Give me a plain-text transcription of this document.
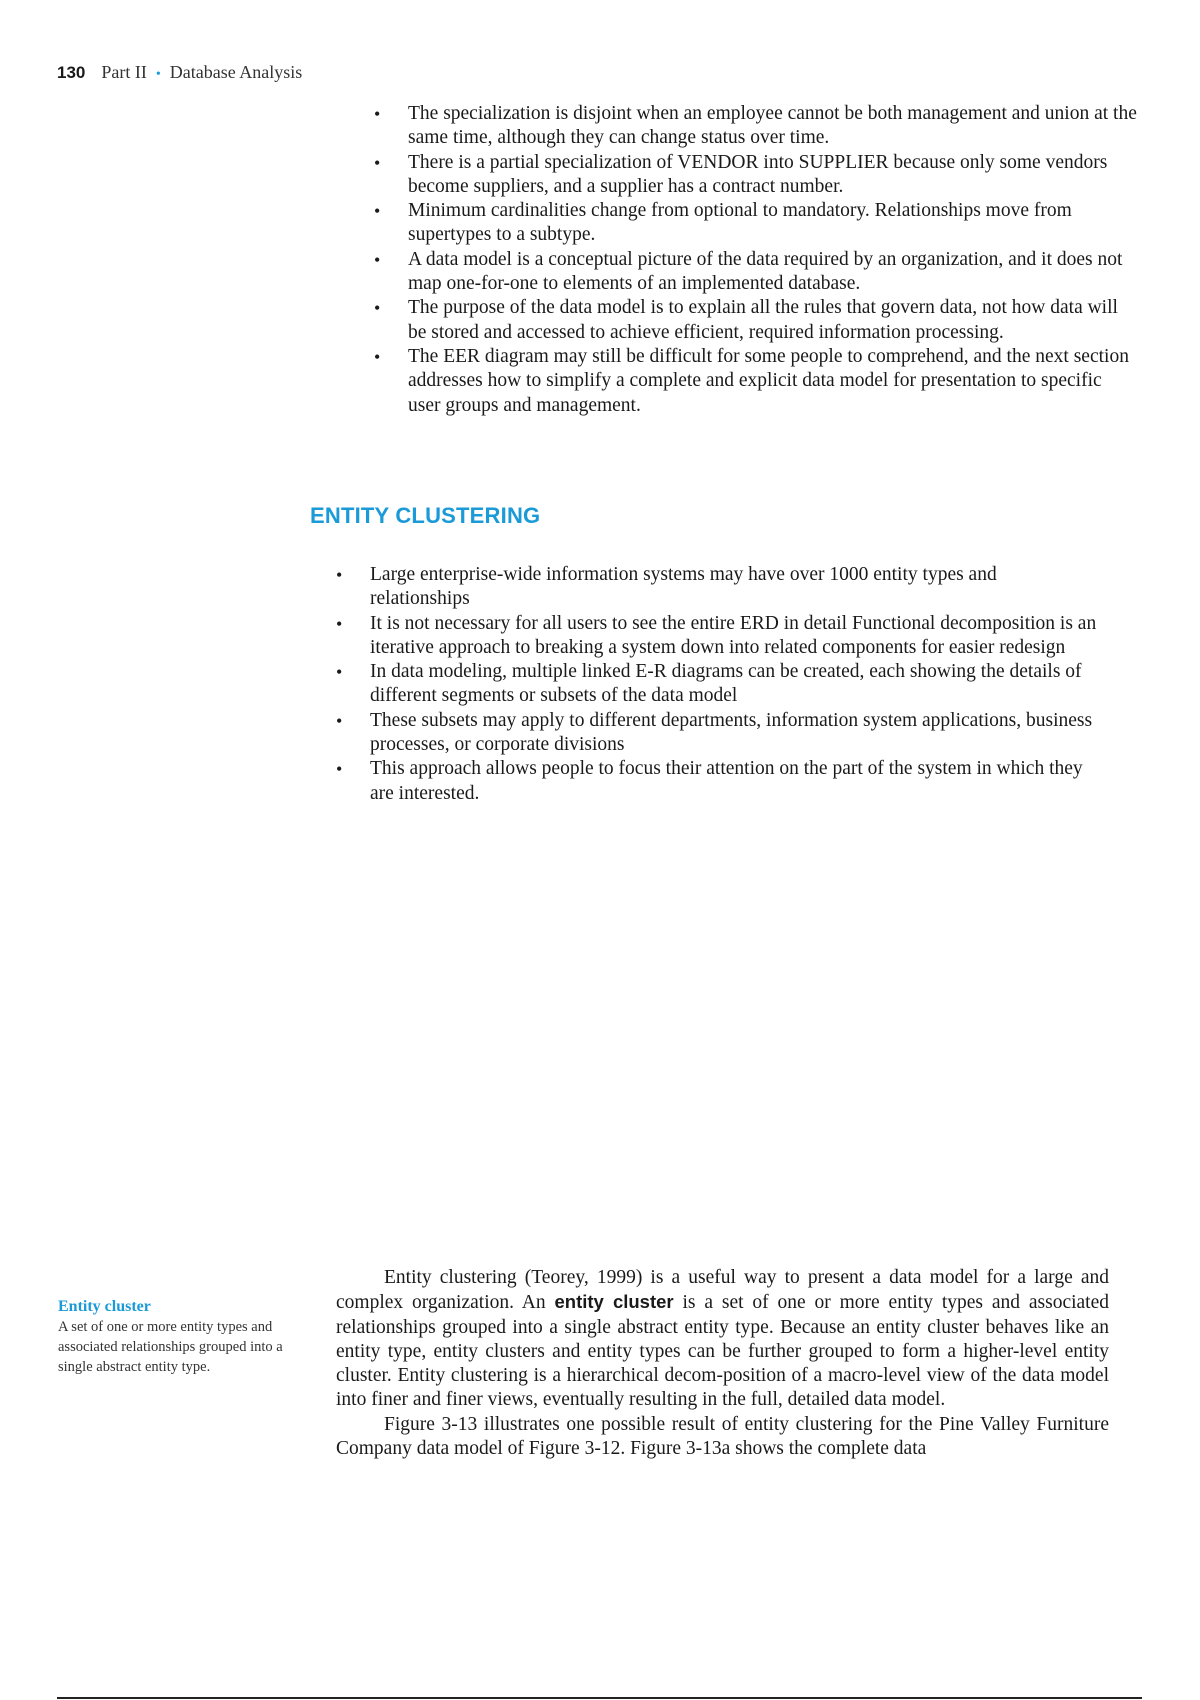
130 Part II • Database Analysis
• The specialization is disjoint when an employee cannot be both management and union at the same time, although they can change status over time.
• There is a partial specialization of VENDOR into SUPPLIER because only some vendors become suppliers, and a supplier has a contract number.
• Minimum cardinalities change from optional to mandatory. Relationships move from supertypes to a subtype.
• A data model is a conceptual picture of the data required by an organization, and it does not map one-for-one to elements of an implemented database.
• The purpose of the data model is to explain all the rules that govern data, not how data will be stored and accessed to achieve efficient, required information processing.
• The EER diagram may still be difficult for some people to comprehend, and the next section addresses how to simplify a complete and explicit data model for presentation to specific user groups and management.
ENTITY CLUSTERING
• Large enterprise-wide information systems may have over 1000 entity types and relationships
• It is not necessary for all users to see the entire ERD in detail Functional decomposition is an iterative approach to breaking a system down into related components for easier redesign
• In data modeling, multiple linked E-R diagrams can be created, each showing the details of different segments or subsets of the data model
• These subsets may apply to different departments, information system applications, business processes, or corporate divisions
• This approach allows people to focus their attention on the part of the system in which they are interested.
Entity cluster
A set of one or more entity types and associated relationships grouped into a single abstract entity type.

Entity clustering (Teorey, 1999) is a useful way to present a data model for a large and complex organization. An entity cluster is a set of one or more entity types and associated relationships grouped into a single abstract entity type. Because an entity cluster behaves like an entity type, entity clusters and entity types can be further grouped to form a higher-level entity cluster. Entity clustering is a hierarchical decom-position of a macro-level view of the data model into finer and finer views, eventually resulting in the full, detailed data model.

Figure 3-13 illustrates one possible result of entity clustering for the Pine Valley Furniture Company data model of Figure 3-12. Figure 3-13a shows the complete data
